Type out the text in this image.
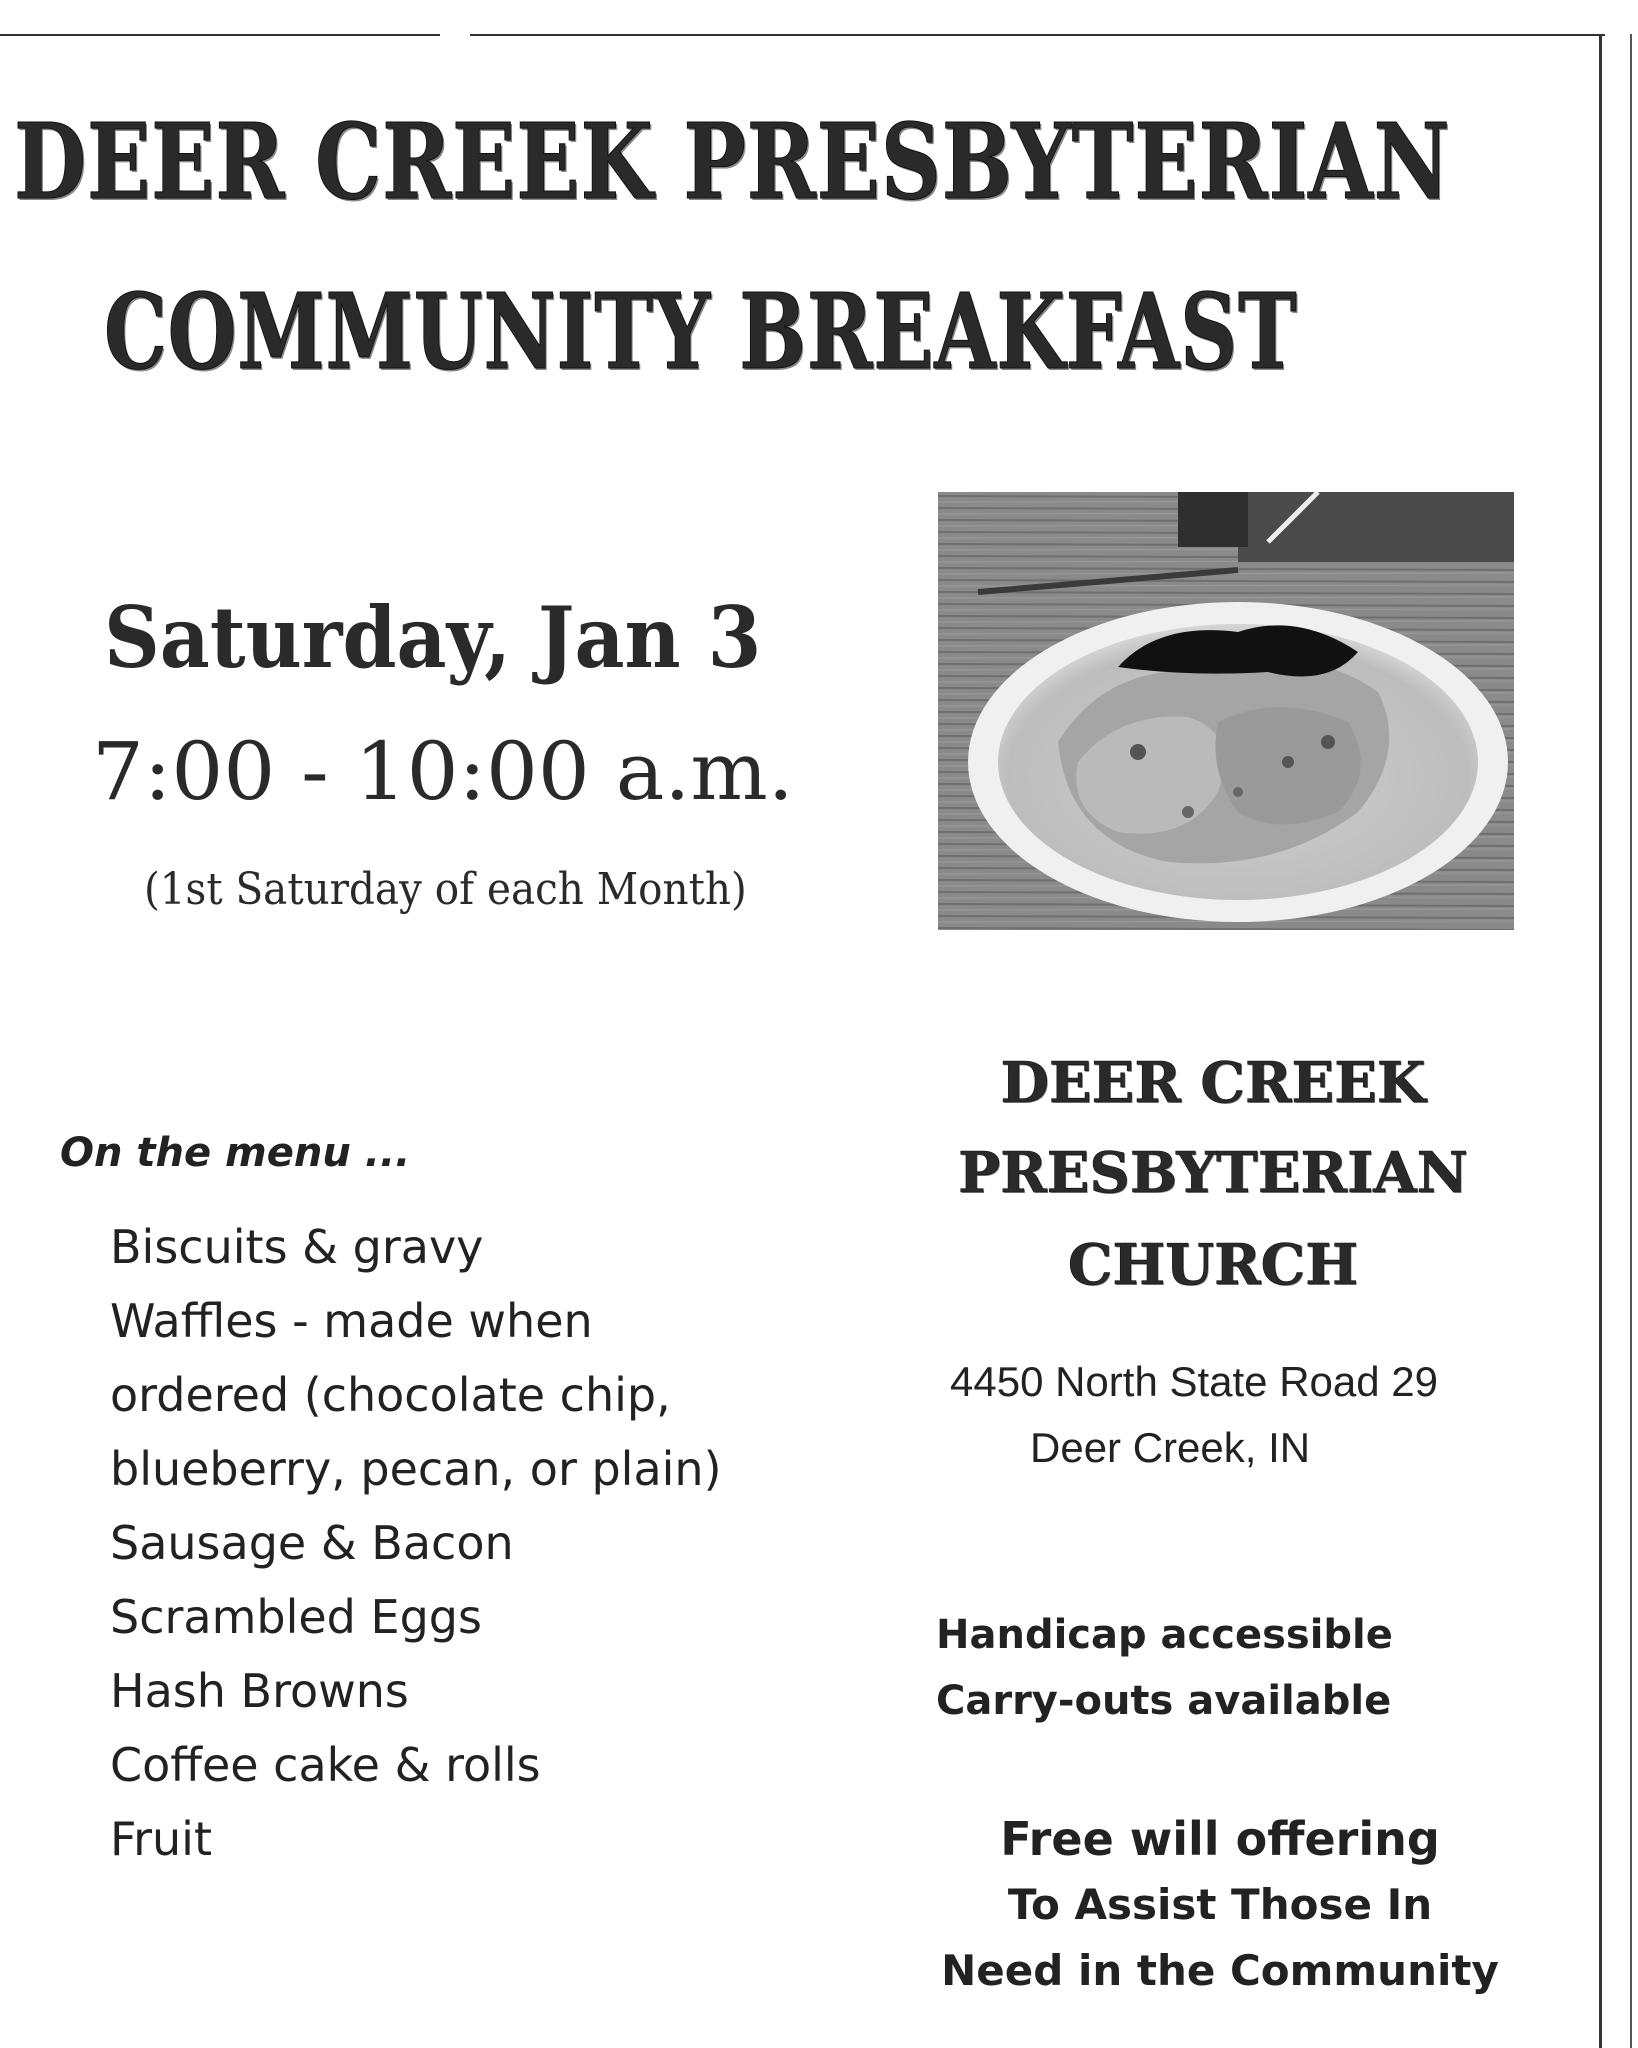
DEER CREEK PRESBYTERIAN
COMMUNITY BREAKFAST
Saturday, Jan 3
7:00 - 10:00 a.m.
(1st Saturday of each Month)
On the menu ...
Biscuits & gravy
Waffles - made when
ordered (chocolate chip,
blueberry, pecan, or plain)
Sausage & Bacon
Scrambled Eggs
Hash Browns
Coffee cake & rolls
Fruit
DEER CREEK
PRESBYTERIAN
CHURCH
4450 North State Road 29
Deer Creek, IN
Handicap accessible
Carry-outs available
Free will offering
To Assist Those In
Need in the Community
